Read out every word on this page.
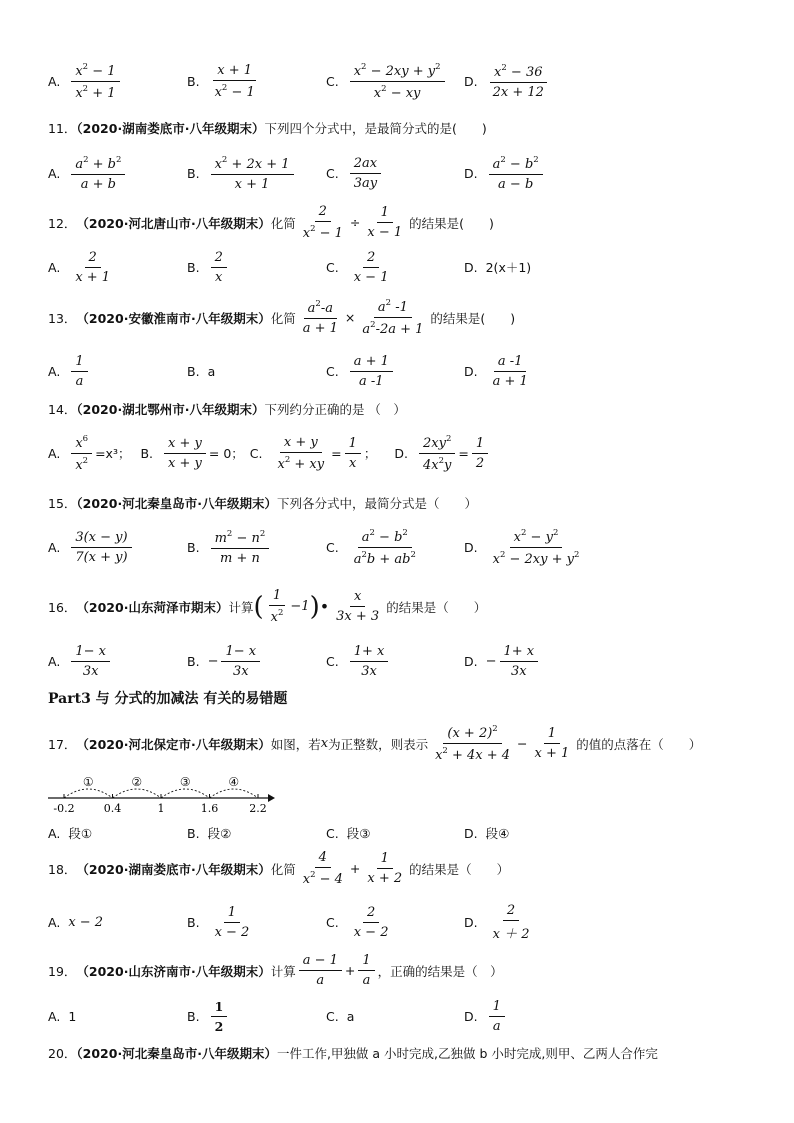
A. $\frac{x^2 - 1}{x^2 + 1}$	B. $\frac{x + 1}{x^2 - 1}$	C. $\frac{x^2 - 2xy + y^2}{x^2 - xy} D$. $\frac{x^2 - 36}{2x + 12}$
11．（2020·湖南娄底市·八年级期末）下列四个分式中，是最简分式的是(　　)
A. $\frac{a^2 + b^2}{a + b}$	B. $\frac{x^2 + 2x + 1}{x + 1}$	C. $\frac{2ax}{3ay}$	D. $\frac{a^2 - b^2}{a - b}$
12． （2020·河北唐山市·八年级期末） 化简 $\frac{2}{x^2 - 1} \div \frac{1}{x - 1}$ 的结果是(　　)
A. $\frac{2}{x + 1}$	B. $\frac{2}{x}$	C. $\frac{2}{x - 1}$	D. 2(x＋1)
13． （2020·安徽淮南市·八年级期末） 化简 $\frac{a^2-a}{a + 1} \times \frac{a^2 -1}{a^2-2a + 1}$ 的结果是(　　)
A. $\frac{1}{a}$	B. a	C. $\frac{a + 1}{a -1}$	D. $\frac{a -1}{a + 1}$
14．（2020·湖北鄂州市·八年级期末）下列约分正确的是 （　）
A. $\frac{x^6}{x^2} =x^3$； B. $\frac{x + y}{x + y} = 0$； C. $\frac{x + y}{x^2 + xy} = \frac{1}{x}$ ； D. $\frac{2xy^2}{4x^2y} = \frac{1}{2}$
15．（2020·河北秦皇岛市·八年级期末）下列各分式中，最简分式是（　　）
A. $\frac{3(x - y)}{7(x + y)}$	B. $\frac{m^2 - n^2}{m + n}$	C. $\frac{a^2 - b^2}{a^2b + ab^2}$	D. $\frac{x^2 - y^2}{x^2 - 2xy + y^2}$
16． （2020·山东菏泽市期末） 计算 ( $\frac{1}{x^2} -1$ ) • $\frac{x}{3x + 3}$ 的结果是（　　）
A. $\frac{1- x}{3x}$	B. − $\frac{1- x}{3x}$	C. $\frac{1+ x}{3x}$	D. − $\frac{1+ x}{3x}$
Part3 与 分式的加减法 有关的易错题
17． （2020·河北保定市·八年级期末） 如图，若 x 为正整数，则表示 $\frac{(x + 2)^2}{x^2 + 4x + 4} - \frac{1}{x + 1}$ 的值的点落在（　　）
-0.2	0.4	1	1.6	2.2
①	②	③	④
A. 段①	B. 段②	C. 段③	D. 段④
18． （2020·湖南娄底市·八年级期末） 化简 $\frac{4}{x^2 - 4} + \frac{1}{x + 2}$ 的结果是（　　）
A. x − 2	B. $\frac{1}{x - 2}$	C. $\frac{2}{x - 2}$	D. $\frac{2}{x + 2}$
19． （2020·山东济南市·八年级期末） 计算 $\frac{a - 1}{a} + \frac{1}{a}$ ，正确的结果是（　）
A. 1	B. $\frac{1}{2}$	C. a	D. $\frac{1}{a}$
20．（2020·河北秦皇岛市·八年级期末）一件工作,甲独做 a 小时完成,乙独做 b 小时完成,则甲、乙两人合作完
